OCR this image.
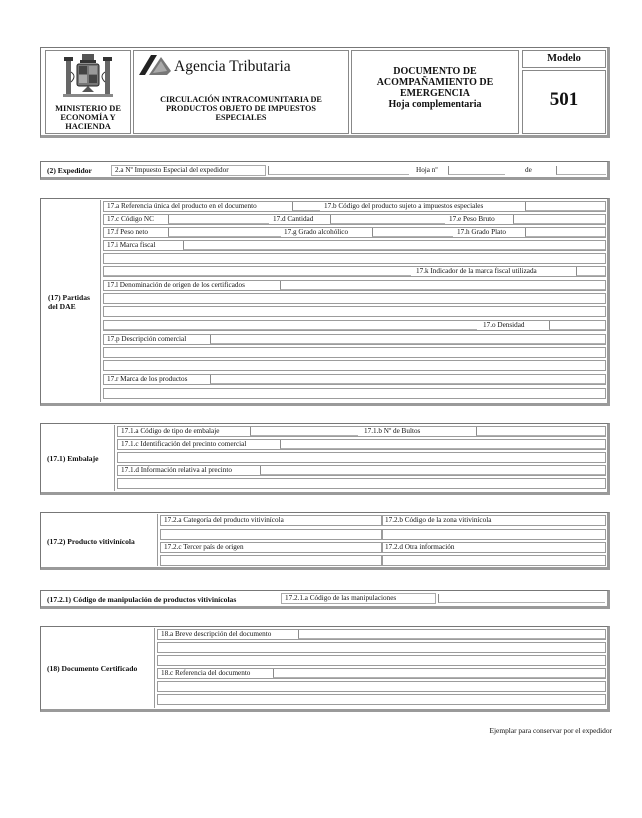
MINISTERIO DE
ECONOMÍA Y
HACIENDA
Agencia Tributaria
CIRCULACIÓN INTRACOMUNITARIA DE
PRODUCTOS OBJETO DE IMPUESTOS
ESPECIALES
DOCUMENTO DE
ACOMPAÑAMIENTO DE
EMERGENCIA
Hoja complementaria
Modelo
501
(2) Expedidor	2.a Nº Impuesto Especial del expedidor	Hoja nº	de
(17) Partidas
del DAE
17.a Referencia única del producto en el documento	17.b Código del producto sujeto a impuestos especiales
17.c Código NC	17.d Cantidad	17.e Peso Bruto
17.f Peso neto	17.g Grado alcohólico	17.h Grado Plato
17.i Marca fiscal
17.k Indicador de la marca fiscal utilizada
17.l Denominación de origen de los certificados
17.o Densidad
17.p Descripción comercial
17.r Marca de los productos
(17.1) Embalaje
17.1.a Código de tipo de embalaje	17.1.b Nº de Bultos
17.1.c Identificación del precinto comercial
17.1.d Información relativa al precinto
(17.2) Producto vitivinícola
17.2.a Categoría del producto vitivinícola	17.2.b Código de la zona vitivinícola
17.2.c Tercer país de origen	17.2.d Otra información
(17.2.1) Código de manipulación de productos vitivinícolas	17.2.1.a Código de las manipulaciones
(18) Documento Certificado
18.a Breve descripción del documento
18.c Referencia del documento
Ejemplar para conservar por el expedidor
